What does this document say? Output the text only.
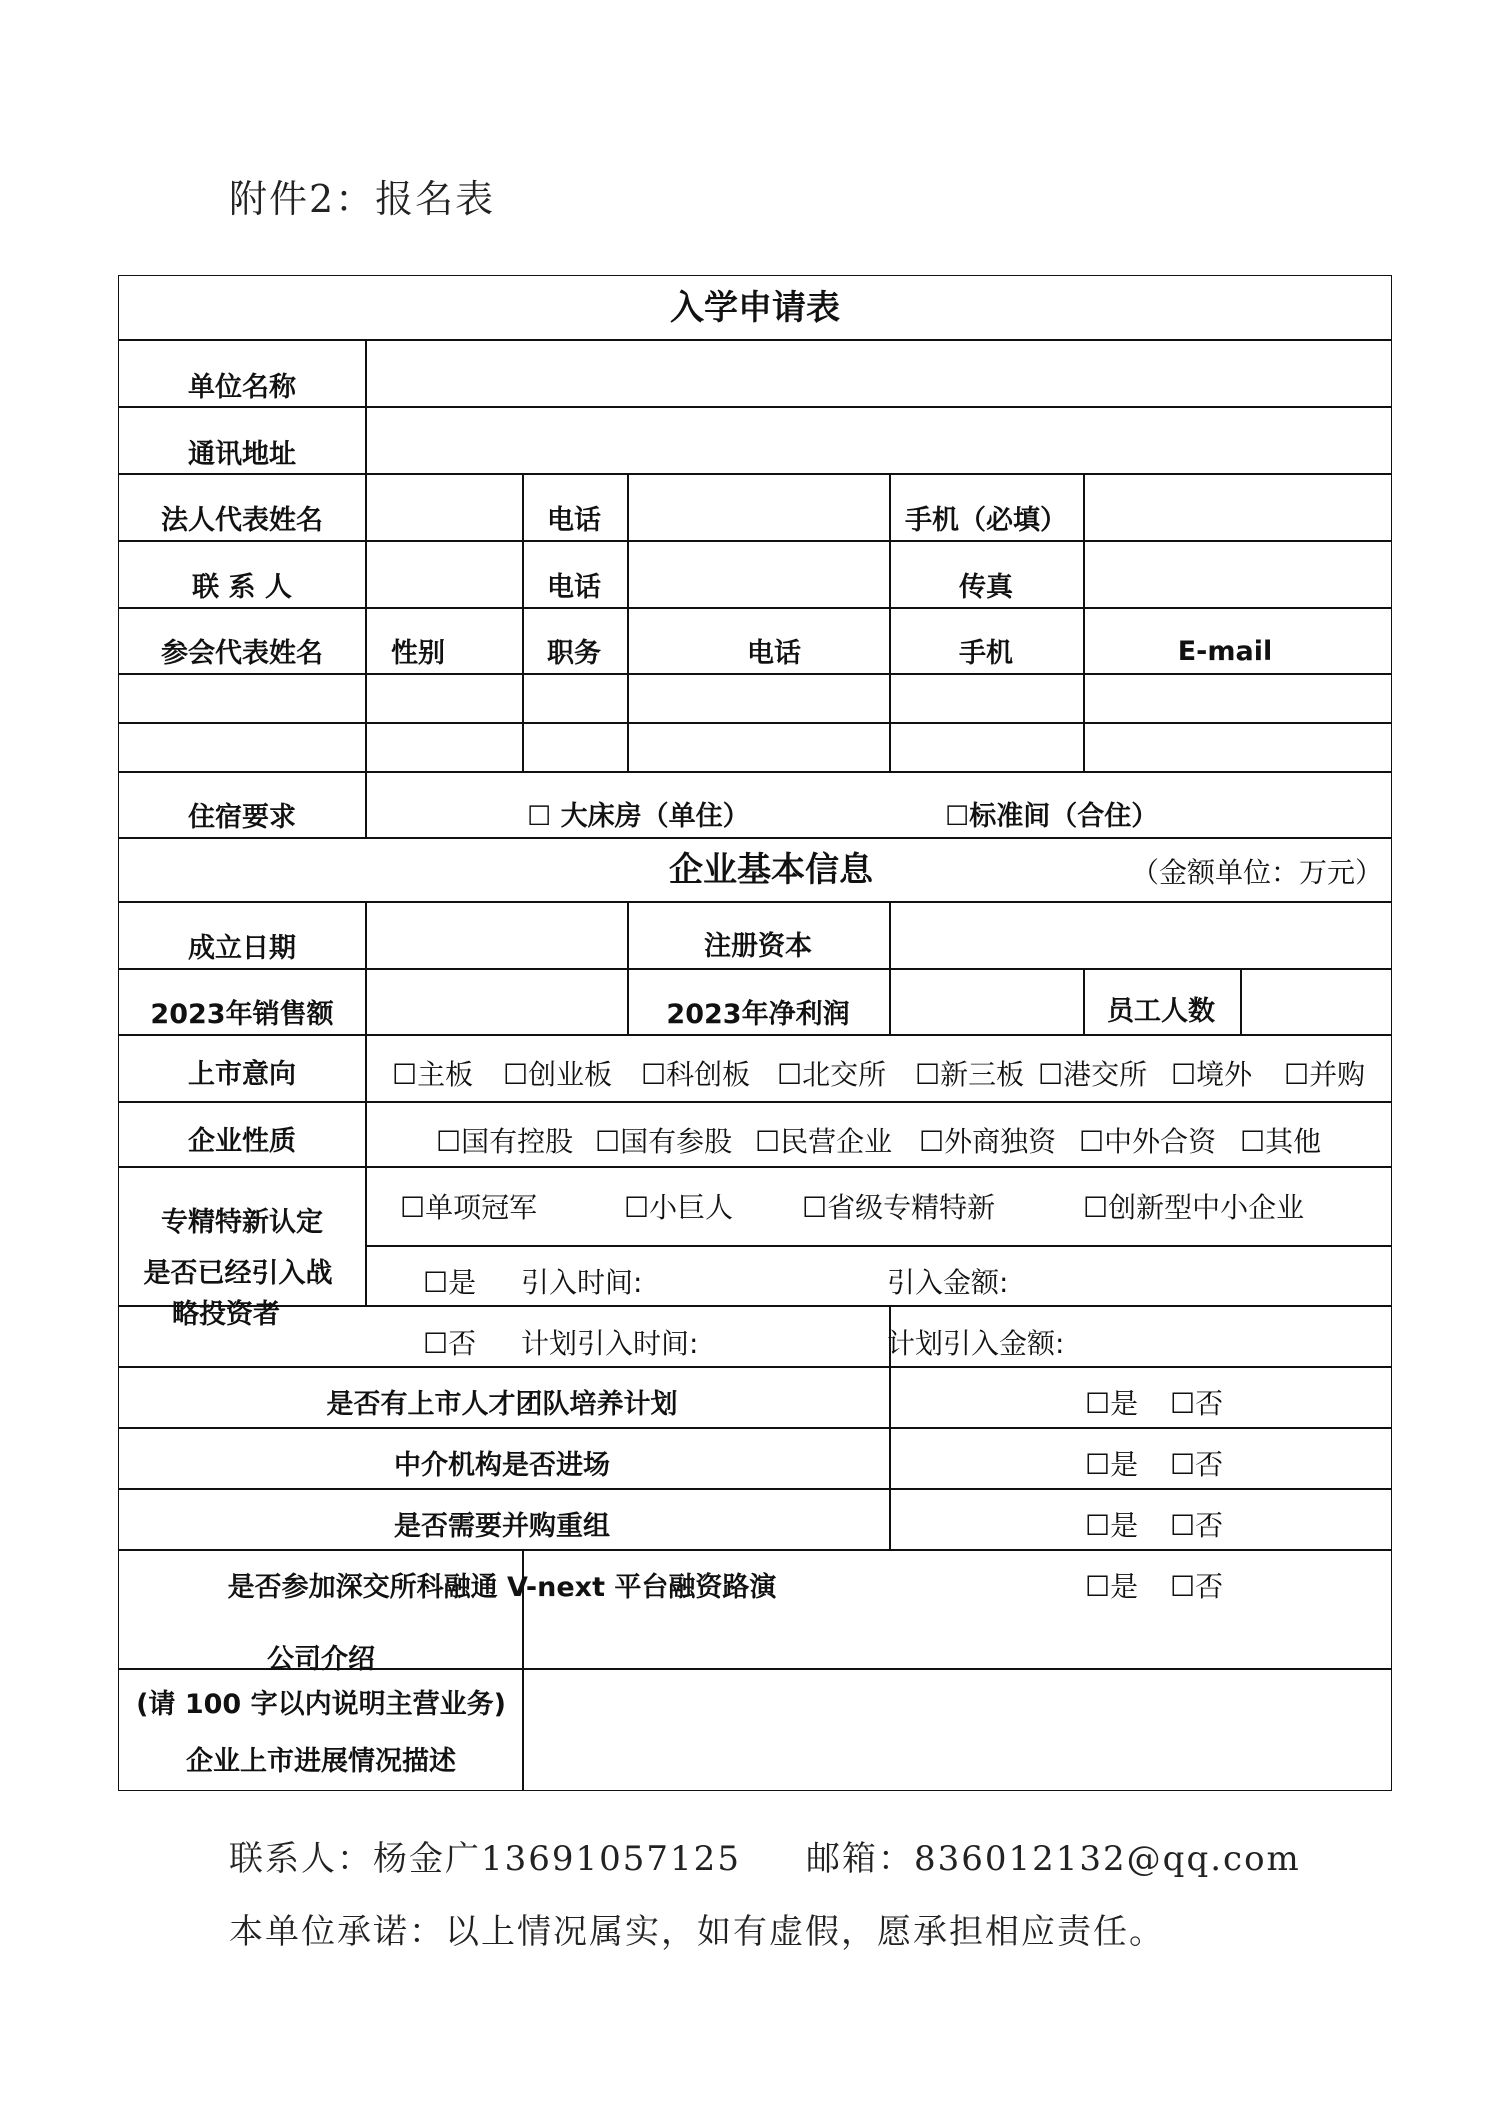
附件2：报名表
入学申请表
单位名称
通讯地址
法人代表姓名	电话	手机（必填）
联 系 人	电话	传真
参会代表姓名	性别	职务	电话	手机	E-mail
住宿要求	☐ 大床房（单住）	☐标准间（合住）
企业基本信息	（金额单位：万元）
成立日期	注册资本
2023年销售额	2023年净利润	员工人数
上市意向	☐主板 ☐创业板 ☐科创板 ☐北交所 ☐新三板 ☐港交所 ☐境外 ☐并购
企业性质	☐国有控股 ☐国有参股 ☐民营企业 ☐外商独资 ☐中外合资 ☐其他
专精特新认定	☐单项冠军	☐小巨人 ☐省级专精特新	☐创新型中小企业
是否已经引入战
略投资者
☐是 引入时间:	引入金额:
☐否 计划引入时间:	计划引入金额:
是否有上市人才团队培养计划	☐是 ☐否
中介机构是否进场	☐是 ☐否
是否需要并购重组	☐是 ☐否
是否参加深交所科融通 V-next 平台融资路演	☐是 ☐否
公司介绍
(请 100 字以内说明主营业务)
企业上市进展情况描述
联系人：杨金广13691057125 邮箱：836012132@qq.com
本单位承诺：以上情况属实，如有虚假，愿承担相应责任。
